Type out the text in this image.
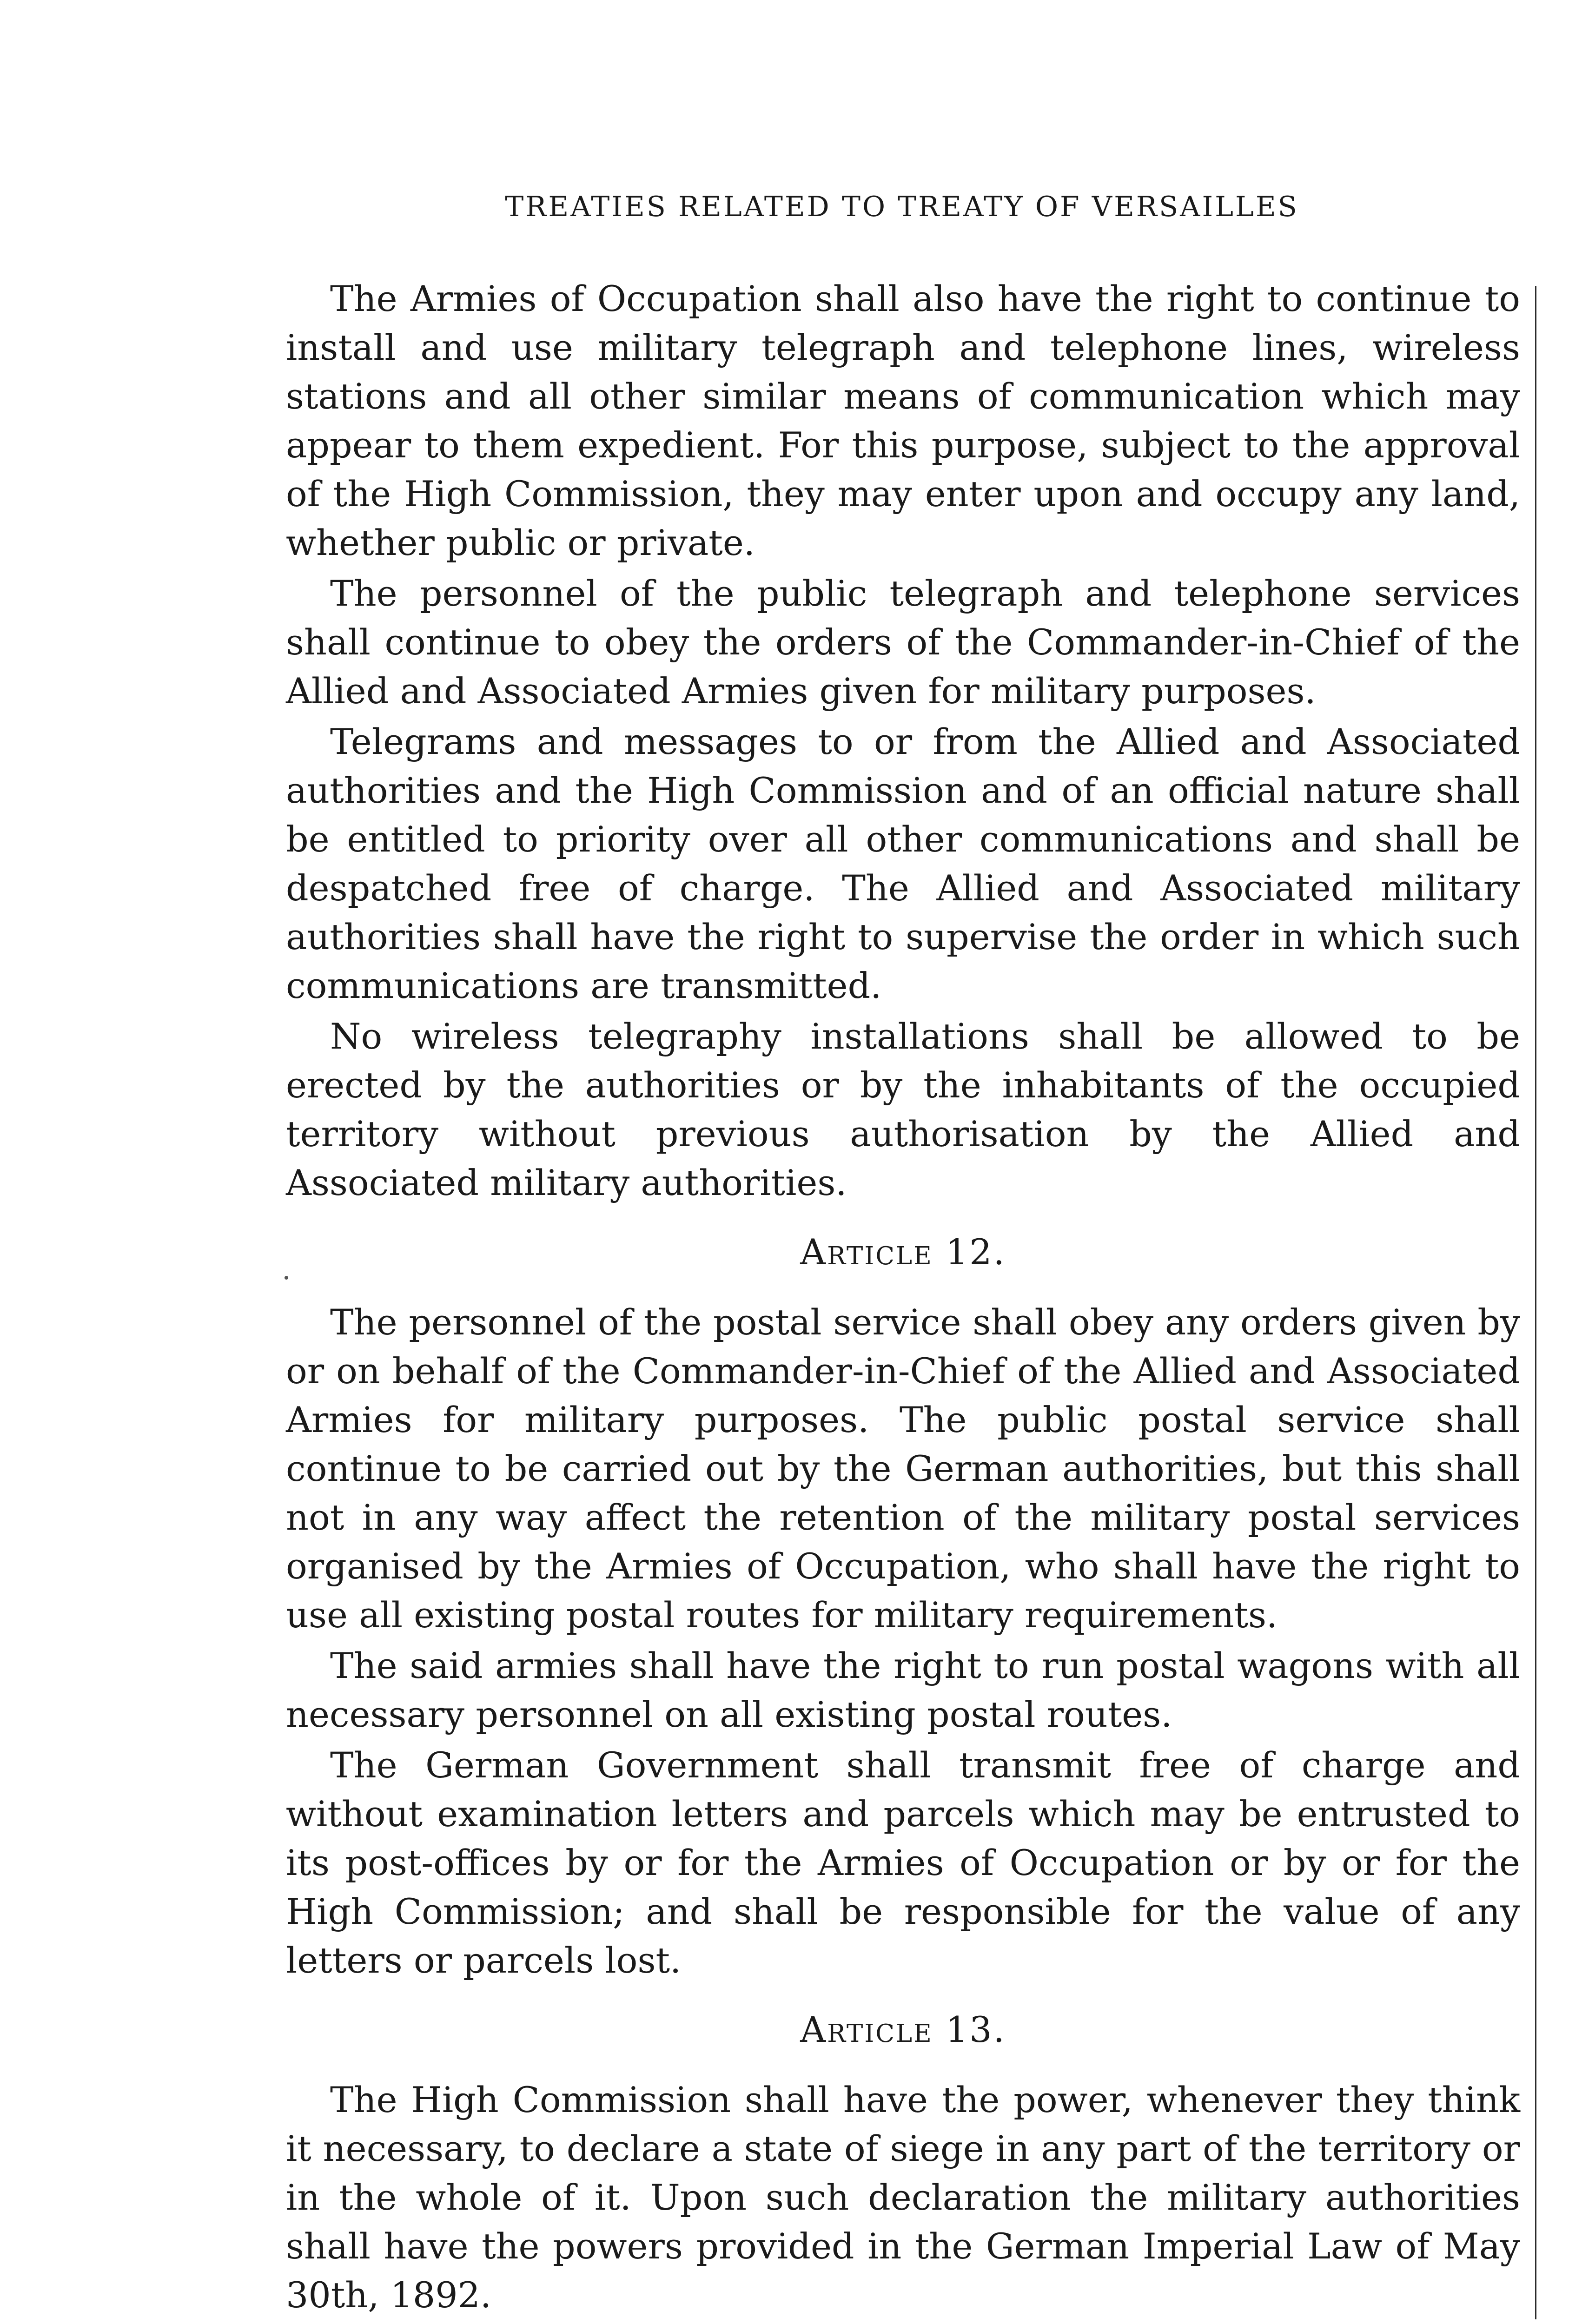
TREATIES RELATED TO TREATY OF VERSAILLES

The Armies of Occupation shall also have the right to continue to install and use military telegraph and telephone lines, wireless stations and all other similar means of communication which may appear to them expedient. For this purpose, subject to the approval of the High Commission, they may enter upon and occupy any land, whether public or private.

The personnel of the public telegraph and telephone services shall continue to obey the orders of the Commander-in-Chief of the Allied and Associated Armies given for military purposes.

Telegrams and messages to or from the Allied and Associated authorities and the High Commission and of an official nature shall be entitled to priority over all other communications and shall be despatched free of charge. The Allied and Associated military authorities shall have the right to supervise the order in which such communications are transmitted.

No wireless telegraphy installations shall be allowed to be erected by the authorities or by the inhabitants of the occupied territory without previous authorisation by the Allied and Associated military authorities.

Article 12.

The personnel of the postal service shall obey any orders given by or on behalf of the Commander-in-Chief of the Allied and Associated Armies for military purposes. The public postal service shall continue to be carried out by the German authorities, but this shall not in any way affect the retention of the military postal services organised by the Armies of Occupation, who shall have the right to use all existing postal routes for military requirements.

The said armies shall have the right to run postal wagons with all necessary personnel on all existing postal routes.

The German Government shall transmit free of charge and without examination letters and parcels which may be entrusted to its post-offices by or for the Armies of Occupation or by or for the High Commission; and shall be responsible for the value of any letters or parcels lost.

Article 13.

The High Commission shall have the power, whenever they think it necessary, to declare a state of siege in any part of the territory or in the whole of it. Upon such declaration the military authorities shall have the powers provided in the German Imperial Law of May 30th, 1892.
